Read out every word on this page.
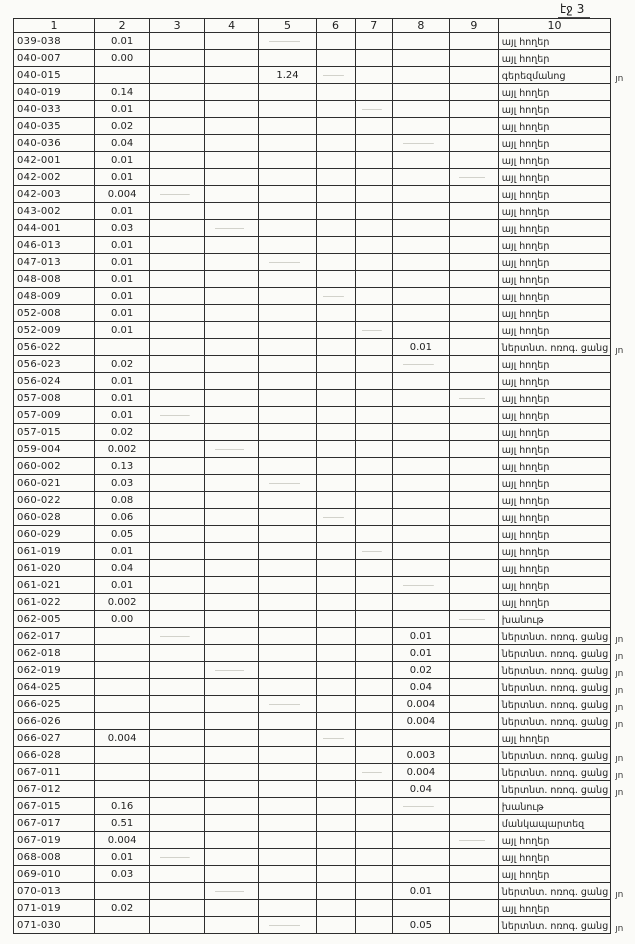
էջ 3
1	2	3	4	5	6	7	8	9	10	
039-038	0.01								այլ հողեր	
040-007	0.00								այլ հողեր	
040-015				1.24					գերեզմանոց	յո
040-019	0.14								այլ հողեր	
040-033	0.01								այլ հողեր	
040-035	0.02								այլ հողեր	
040-036	0.04								այլ հողեր	
042-001	0.01								այլ հողեր	
042-002	0.01								այլ հողեր	
042-003	0.004								այլ հողեր	
043-002	0.01								այլ հողեր	
044-001	0.03								այլ հողեր	
046-013	0.01								այլ հողեր	
047-013	0.01								այլ հողեր	
048-008	0.01								այլ հողեր	
048-009	0.01								այլ հողեր	
052-008	0.01								այլ հողեր	
052-009	0.01								այլ հողեր	
056-022							0.01		ներտնտ. ոռոգ. ցանց	յո
056-023	0.02								այլ հողեր	
056-024	0.01								այլ հողեր	
057-008	0.01								այլ հողեր	
057-009	0.01								այլ հողեր	
057-015	0.02								այլ հողեր	
059-004	0.002								այլ հողեր	
060-002	0.13								այլ հողեր	
060-021	0.03								այլ հողեր	
060-022	0.08								այլ հողեր	
060-028	0.06								այլ հողեր	
060-029	0.05								այլ հողեր	
061-019	0.01								այլ հողեր	
061-020	0.04								այլ հողեր	
061-021	0.01								այլ հողեր	
061-022	0.002								այլ հողեր	
062-005	0.00								խանութ	
062-017							0.01		ներտնտ. ոռոգ. ցանց	յո
062-018							0.01		ներտնտ. ոռոգ. ցանց	յո
062-019							0.02		ներտնտ. ոռոգ. ցանց	յո
064-025							0.04		ներտնտ. ոռոգ. ցանց	յո
066-025							0.004		ներտնտ. ոռոգ. ցանց	յո
066-026							0.004		ներտնտ. ոռոգ. ցանց	յո
066-027	0.004								այլ հողեր	
066-028							0.003		ներտնտ. ոռոգ. ցանց	յո
067-011							0.004		ներտնտ. ոռոգ. ցանց	յո
067-012							0.04		ներտնտ. ոռոգ. ցանց	յո
067-015	0.16								խանութ	
067-017	0.51								մանկապարտեզ	
067-019	0.004								այլ հողեր	
068-008	0.01								այլ հողեր	
069-010	0.03								այլ հողեր	
070-013							0.01		ներտնտ. ոռոգ. ցանց	յո
071-019	0.02								այլ հողեր	
071-030							0.05		ներտնտ. ոռոգ. ցանց	յո
